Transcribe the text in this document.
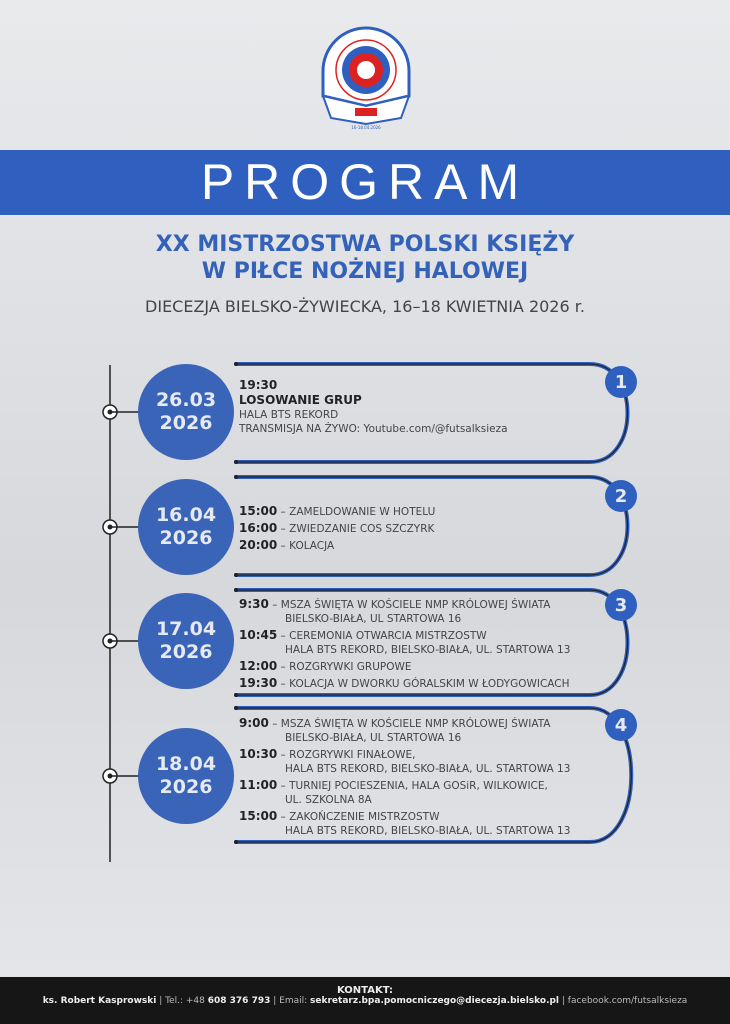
16-18.04.2026
PROGRAM
XX MISTRZOSTWA POLSKI KSIĘŻY
W PIŁCE NOŻNEJ HALOWEJ
DIECEZJA BIELSKO-ŻYWIECKA, 16–18 KWIETNIA 2026 r.
26.03
2026
16.04
2026
17.04
2026
18.04
2026
1
2
3
4
19:30
LOSOWANIE GRUP
HALA BTS REKORD
TRANSMISJA NA ŻYWO: Youtube.com/@futsalksieza
15:00 – ZAMELDOWANIE W HOTELU
16:00 – ZWIEDZANIE COS SZCZYRK
20:00 – KOLACJA
9:30 – MSZA ŚWIĘTA W KOŚCIELE NMP KRÓLOWEJ ŚWIATA
BIELSKO-BIAŁA, UL STARTOWA 16
10:45 – CEREMONIA OTWARCIA MISTRZOSTW
HALA BTS REKORD, BIELSKO-BIAŁA, UL. STARTOWA 13
12:00 – ROZGRYWKI GRUPOWE
19:30 – KOLACJA W DWORKU GÓRALSKIM W ŁODYGOWICACH
9:00 – MSZA ŚWIĘTA W KOŚCIELE NMP KRÓLOWEJ ŚWIATA
BIELSKO-BIAŁA, UL STARTOWA 16
10:30 – ROZGRYWKI FINAŁOWE,
HALA BTS REKORD, BIELSKO-BIAŁA, UL. STARTOWA 13
11:00 – TURNIEJ POCIESZENIA, HALA GOSiR, WILKOWICE,
UL. SZKOLNA 8A
15:00 – ZAKOŃCZENIE MISTRZOSTW
HALA BTS REKORD, BIELSKO-BIAŁA, UL. STARTOWA 13
KONTAKT:
ks. Robert Kasprowski | Tel.: +48 608 376 793 | Email: sekretarz.bpa.pomocniczego@diecezja.bielsko.pl | facebook.com/futsalksieza
